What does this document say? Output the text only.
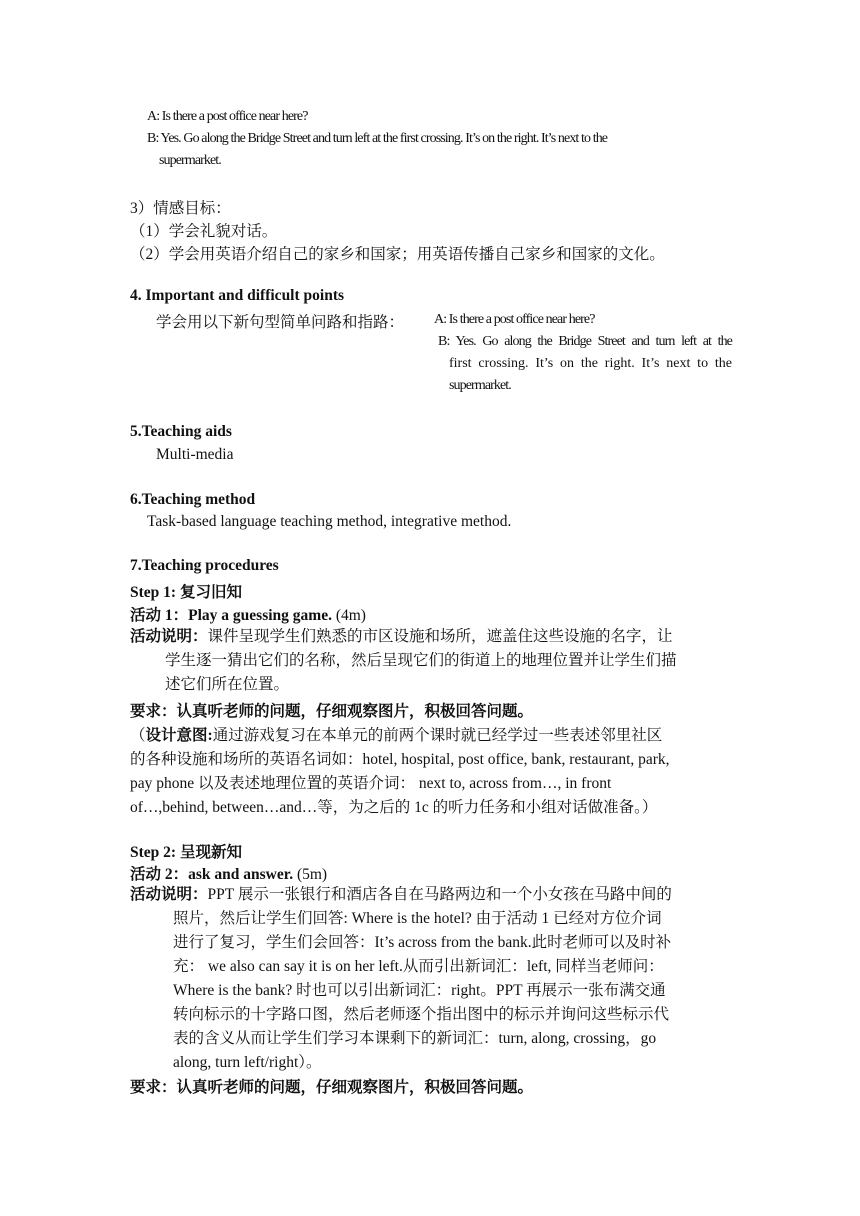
A: Is there a post office near here?
B: Yes. Go along the Bridge Street and turn left at the first crossing. It’s on the right. It’s next to the
supermarket.
3）情感目标：
（1）学会礼貌对话。
（2）学会用英语介绍自己的家乡和国家；用英语传播自己家乡和国家的文化。
4. Important and difficult points
学会用以下新句型简单问路和指路： A: Is there a post office near here?
B: Yes. Go along the Bridge Street and turn left at the
first crossing. It’s on the right. It’s next to the
supermarket.
5.Teaching aids
Multi-media
6.Teaching method
Task-based language teaching method, integrative method.
7.Teaching procedures
Step 1: 复习旧知
活动 1：Play a guessing game. (4m)

活动说明：课件呈现学生们熟悉的市区设施和场所，遮盖住这些设施的名字，让

学生逐一猜出它们的名称，然后呈现它们的街道上的地理位置并让学生们描

述它们所在位置。

要求：认真听老师的问题，仔细观察图片，积极回答问题。

（设计意图:通过游戏复习在本单元的前两个课时就已经学过一些表述邻里社区

的各种设施和场所的英语名词如：hotel, hospital, post office, bank, restaurant, park,

pay phone 以及表述地理位置的英语介词： next to, across from…, in front

of…,behind, between…and…等，为之后的 1c 的听力任务和小组对话做准备。）

Step 2: 呈现新知
活动 2：ask and answer. (5m)

活动说明：PPT 展示一张银行和酒店各自在马路两边和一个小女孩在马路中间的

照片，然后让学生们回答: Where is the hotel? 由于活动 1 已经对方位介词

进行了复习，学生们会回答：It’s across from the bank.此时老师可以及时补

充： we also can say it is on her left.从而引出新词汇：left, 同样当老师问：

Where is the bank? 时也可以引出新词汇：right。PPT 再展示一张布满交通

转向标示的十字路口图，然后老师逐个指出图中的标示并询问这些标示代

表的含义从而让学生们学习本课剩下的新词汇：turn, along, crossing，go

along, turn left/right）。

要求：认真听老师的问题，仔细观察图片，积极回答问题。
